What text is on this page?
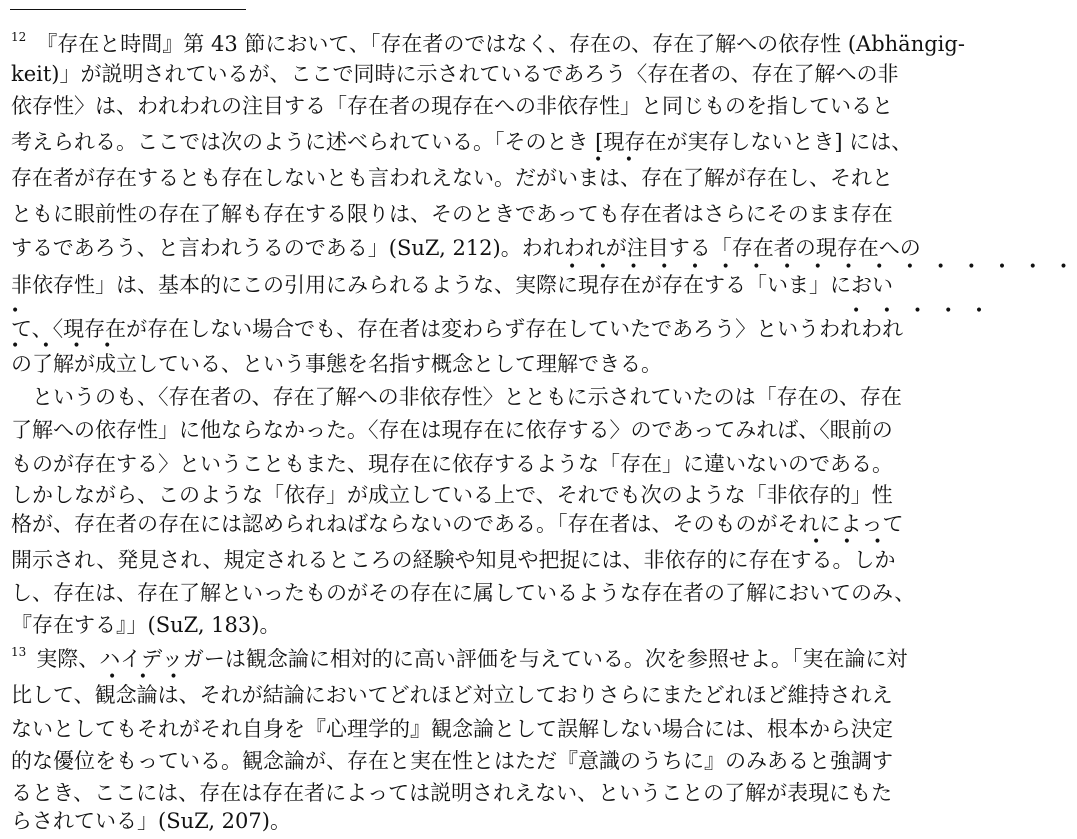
$^{12}$ 『存在と時間』第 43 節において、「存在者のではなく、存在の、存在了解への依存性 (Abhängig-
keit)」が説明されているが、ここで同時に示されているであろう〈存在者の、存在了解への非
依存性〉は、われわれの注目する「存在者の現存在への非依存性」と同じものを指していると
考えられる。ここでは次のように述べられている。「そのとき [現存在が実存しないとき] には、
• •
存在者が存在するとも存在しないとも言われえない。だがいまは、存在了解が存在し、それと
ともに眼前性の存在了解も存在する限りは、そのときであっても存在者はさらにそのまま存在
するであろう、と言われうるのである」(SuZ, 212)。われわれが注目する「存在者の現存在への
• • • • • • • • • • • • • • • • •
非依存性」は、基本的にこの引用にみられるような、実際に現存在が存在する「いま」におい
•	• • • • •
て、〈現存在が存在しない場合でも、存在者は変わらず存在していたであろう〉というわれわれ
• • • •
の了解が成立している、という事態を名指す概念として理解できる。
　というのも、〈存在者の、存在了解への非依存性〉とともに示されていたのは「存在の、存在
了解への依存性」に他ならなかった。〈存在は現存在に依存する〉のであってみれば、〈眼前の
ものが存在する〉ということもまた、現存在に依存するような「存在」に違いないのである。
しかしながら、このような「依存」が成立している上で、それでも次のような「非依存的」性
格が、存在者の存在には認められねばならないのである。「存在者は、そのものがそれによって
• • •
開示され、発見され、規定されるところの経験や知見や把捉には、非依存的に存在する。しか
し、存在は、存在了解といったものがその存在に属しているような存在者の了解においてのみ、
『存在する』」(SuZ, 183)。
$^{13}$ 実際、ハイデッガーは観念論に相対的に高い評価を与えている。次を参照せよ。「実在論に対
• • •
比して、観念論は、それが結論においてどれほど対立しておりさらにまたどれほど維持されえ
ないとしてもそれがそれ自身を『心理学的』観念論として誤解しない場合には、根本から決定
的な優位をもっている。観念論が、存在と実在性とはただ『意識のうちに』のみあると強調す
るとき、ここには、存在は存在者によっては説明されえない、ということの了解が表現にもた
らされている」(SuZ, 207)。
